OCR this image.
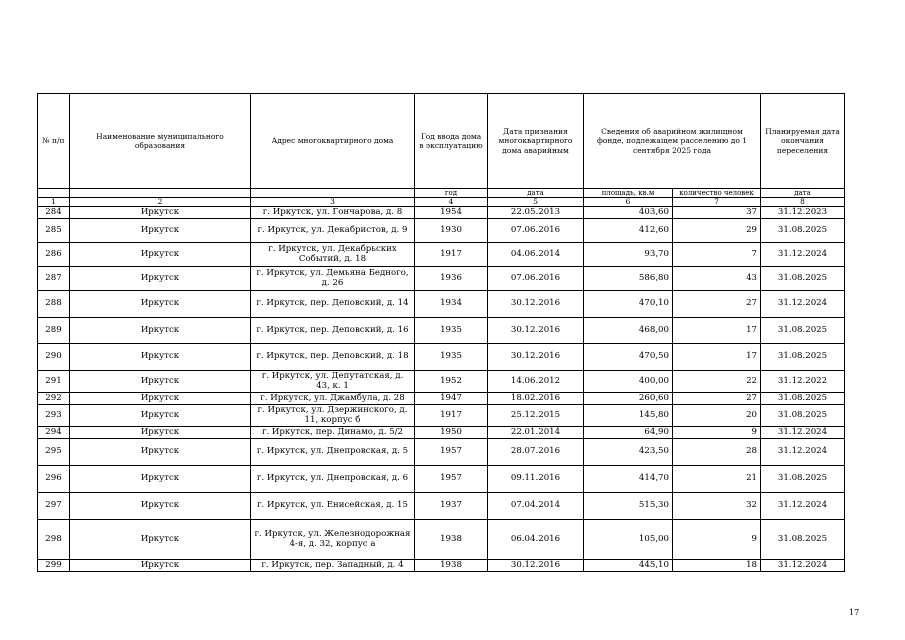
№ п/п	Наименование муниципального образования	Адрес многоквартирного дома	Год ввода дома в эксплуатацию	Дата признания многоквартирного дома аварийным	Сведения об аварийном жилищном фонде, подлежащем расселению до 1 сентября 2025 года		Планируемая дата окончания переселения
			год	дата	площадь, кв.м	количество человек	дата
1	2	3	4	5	6	7	8
284	Иркутск	г. Иркутск, ул. Гончарова, д. 8	1954	22.05.2013	403,60	37	31.12.2023
285	Иркутск	г. Иркутск, ул. Декабристов, д. 9	1930	07.06.2016	412,60	29	31.08.2025
286	Иркутск	г. Иркутск, ул. Декабрьских Событий, д. 18	1917	04.06.2014	93,70	7	31.12.2024
287	Иркутск	г. Иркутск, ул. Демьяна Бедного, д. 26	1936	07.06.2016	586,80	43	31.08.2025
288	Иркутск	г. Иркутск, пер. Деповский, д. 14	1934	30.12.2016	470,10	27	31.12.2024
289	Иркутск	г. Иркутск, пер. Деповский, д. 16	1935	30.12.2016	468,00	17	31.08.2025
290	Иркутск	г. Иркутск, пер. Деповский, д. 18	1935	30.12.2016	470,50	17	31.08.2025
291	Иркутск	г. Иркутск, ул. Депутатская, д. 43, к. 1	1952	14.06.2012	400,00	22	31.12.2022
292	Иркутск	г. Иркутск, ул. Джамбула, д. 28	1947	18.02.2016	260,60	27	31.08.2025
293	Иркутск	г. Иркутск, ул. Дзержинского, д. 11, корпус б	1917	25.12.2015	145,80	20	31.08.2025
294	Иркутск	г. Иркутск, пер. Динамо, д. 5/2	1950	22.01.2014	64,90	9	31.12.2024
295	Иркутск	г. Иркутск, ул. Днепровская, д. 5	1957	28.07.2016	423,50	28	31.12.2024
296	Иркутск	г. Иркутск, ул. Днепровская, д. 6	1957	09.11.2016	414,70	21	31.08.2025
297	Иркутск	г. Иркутск, ул. Енисейская, д. 15	1937	07.04.2014	515,30	32	31.12.2024
298	Иркутск	г. Иркутск, ул. Железнодорожная 4-я, д. 32, корпус а	1938	06.04.2016	105,00	9	31.08.2025
299	Иркутск	г. Иркутск, пер. Западный, д. 4	1938	30.12.2016	445,10	18	31.12.2024
17
